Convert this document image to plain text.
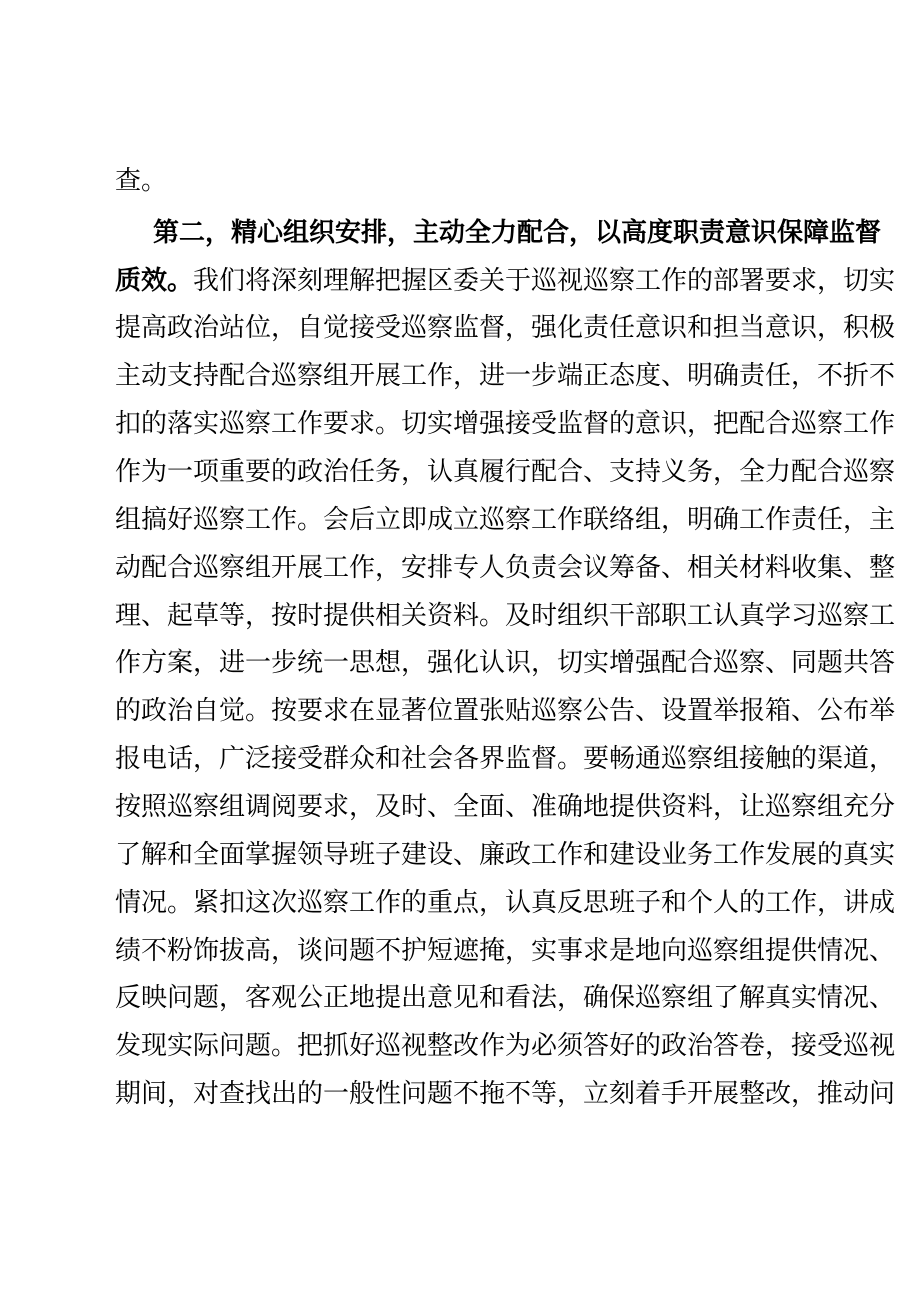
查。
第二，精心组织安排，主动全力配合，以高度职责意识保障监督
质效。我们将深刻理解把握区委关于巡视巡察工作的部署要求，切实
提高政治站位，自觉接受巡察监督，强化责任意识和担当意识，积极
主动支持配合巡察组开展工作，进一步端正态度、明确责任，不折不
扣的落实巡察工作要求。切实增强接受监督的意识，把配合巡察工作
作为一项重要的政治任务，认真履行配合、支持义务，全力配合巡察
组搞好巡察工作。会后立即成立巡察工作联络组，明确工作责任，主
动配合巡察组开展工作，安排专人负责会议筹备、相关材料收集、整
理、起草等，按时提供相关资料。及时组织干部职工认真学习巡察工
作方案，进一步统一思想，强化认识，切实增强配合巡察、同题共答
的政治自觉。按要求在显著位置张贴巡察公告、设置举报箱、公布举
报电话，广泛接受群众和社会各界监督。要畅通巡察组接触的渠道，
按照巡察组调阅要求，及时、全面、准确地提供资料，让巡察组充分
了解和全面掌握领导班子建设、廉政工作和建设业务工作发展的真实
情况。紧扣这次巡察工作的重点，认真反思班子和个人的工作，讲成
绩不粉饰拔高，谈问题不护短遮掩，实事求是地向巡察组提供情况、
反映问题，客观公正地提出意见和看法，确保巡察组了解真实情况、
发现实际问题。把抓好巡视整改作为必须答好的政治答卷，接受巡视
期间，对查找出的一般性问题不拖不等，立刻着手开展整改，推动问
